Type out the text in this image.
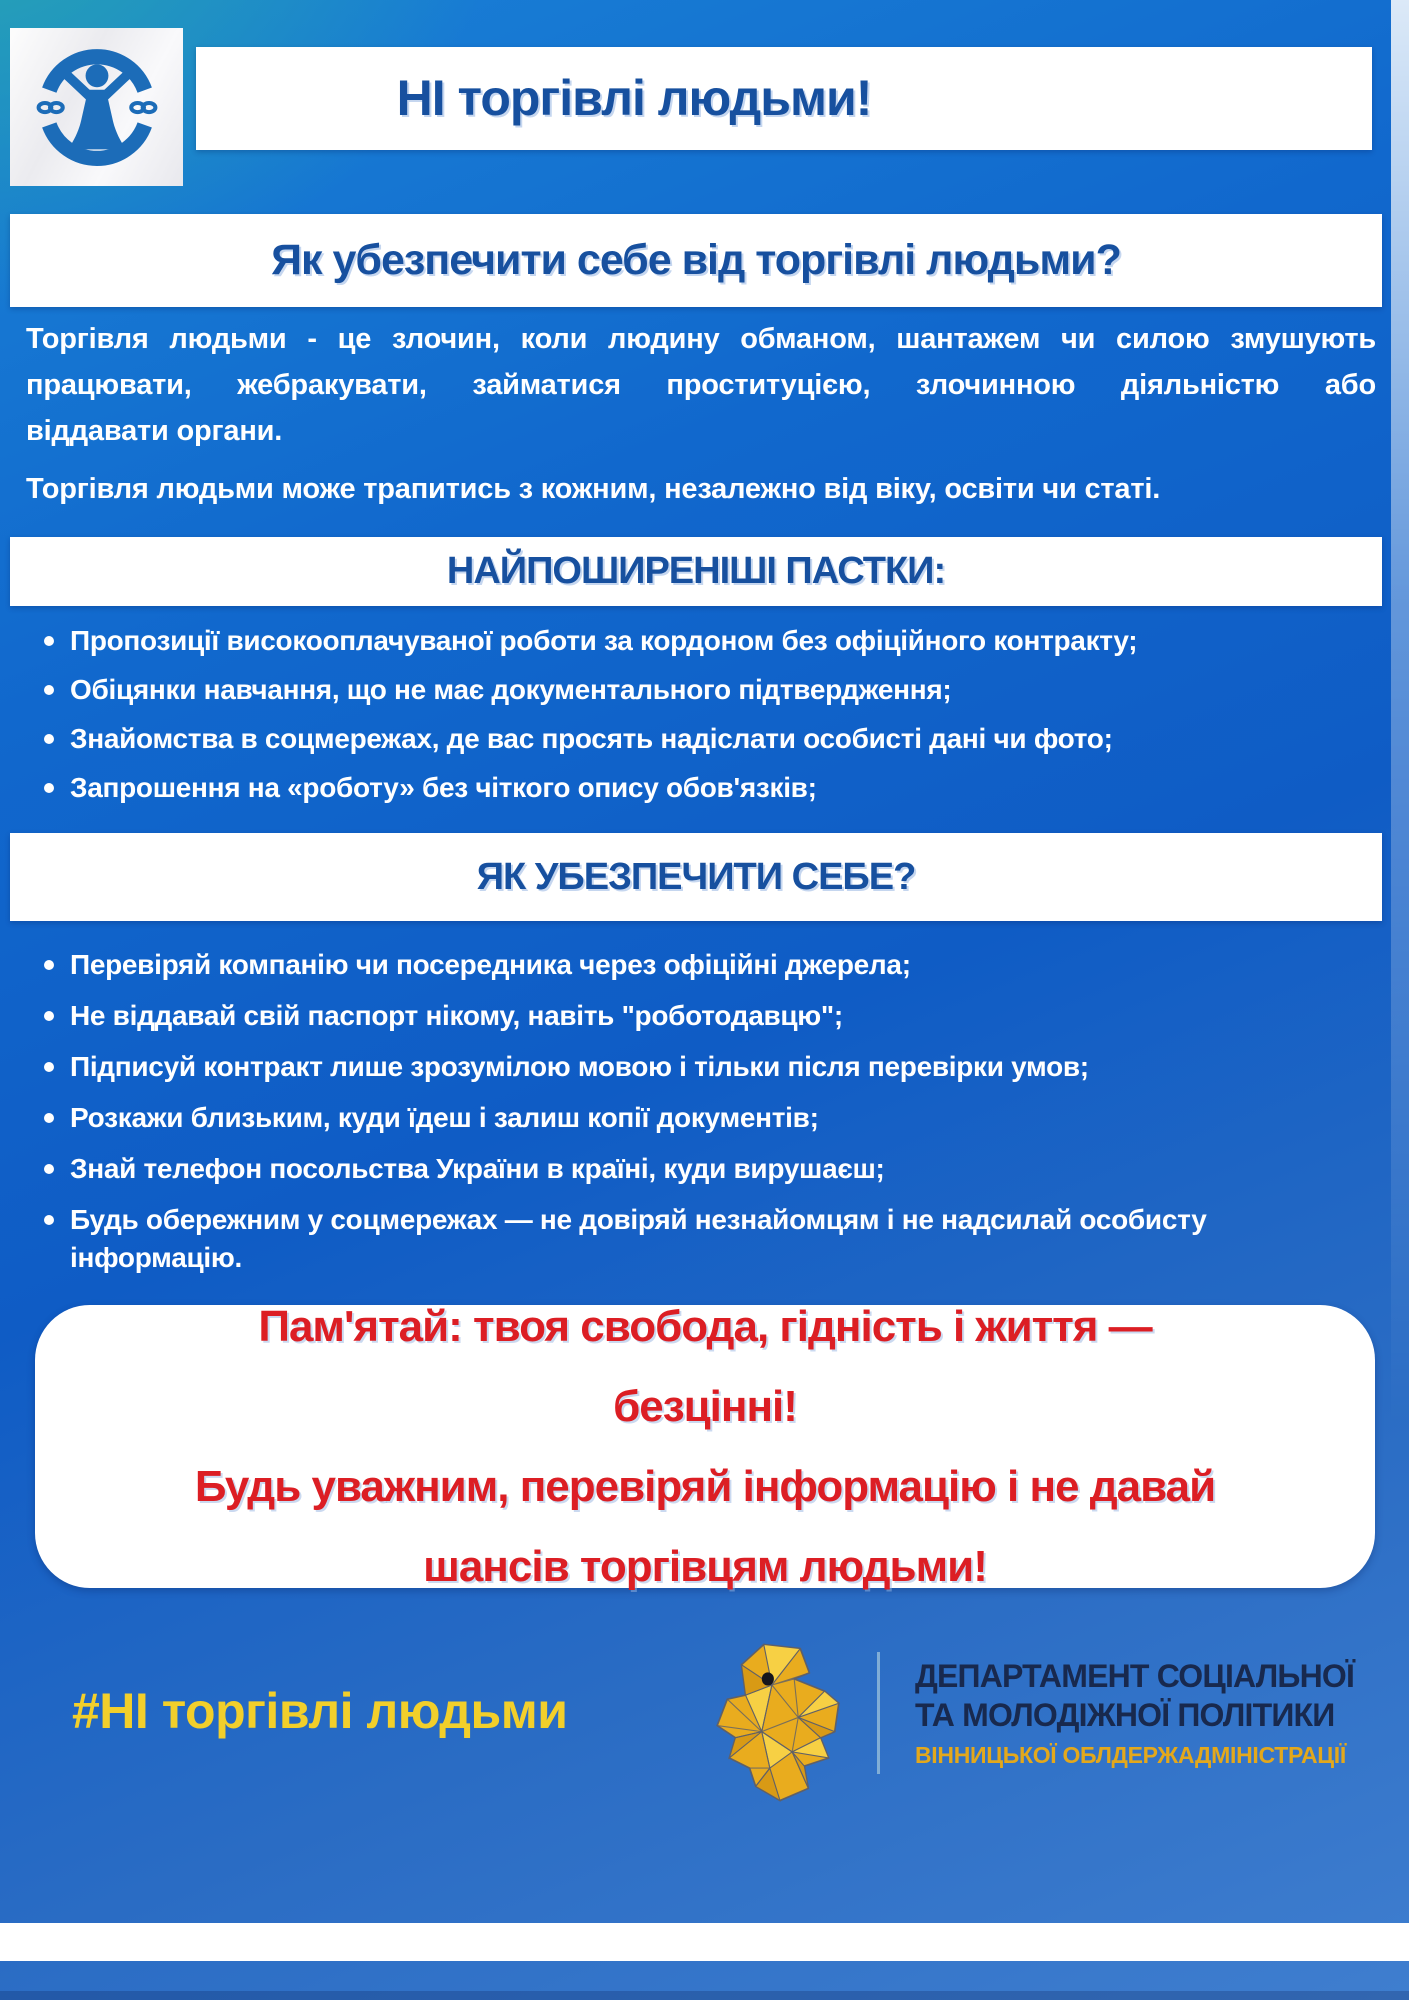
НІ торгівлі людьми!
Як убезпечити себе від торгівлі людьми?
Торгівля людьми - це злочин, коли людину обманом, шантажем чи силою змушують
працювати, жебракувати, займатися проституцією, злочинною діяльністю або
віддавати органи.
Торгівля людьми може трапитись з кожним, незалежно від віку, освіти чи статі.
НАЙПОШИРЕНІШІ ПАСТКИ:
Пропозиції високооплачуваної роботи за кордоном без офіційного контракту;
Обіцянки навчання, що не має документального підтвердження;
Знайомства в соцмережах, де вас просять надіслати особисті дані чи фото;
Запрошення на «роботу» без чіткого опису обов'язків;
ЯК УБЕЗПЕЧИТИ СЕБЕ?
Перевіряй компанію чи посередника через офіційні джерела;
Не віддавай свій паспорт нікому, навіть "роботодавцю";
Підписуй контракт лише зрозумілою мовою і тільки після перевірки умов;
Розкажи близьким, куди їдеш і залиш копії документів;
Знай телефон посольства України в країні, куди вирушаєш;
Будь обережним у соцмережах — не довіряй незнайомцям і не надсилай особисту інформацію.
Пам'ятай: твоя свобода, гідність і життя — безцінні!
Будь уважним, перевіряй інформацію і не давай шансів торгівцям людьми!
#НІ торгівлі людьми
ДЕПАРТАМЕНТ СОЦІАЛЬНОЇ
ТА МОЛОДІЖНОЇ ПОЛІТИКИ
ВІННИЦЬКОЇ ОБЛДЕРЖАДМІНІСТРАЦІЇ
